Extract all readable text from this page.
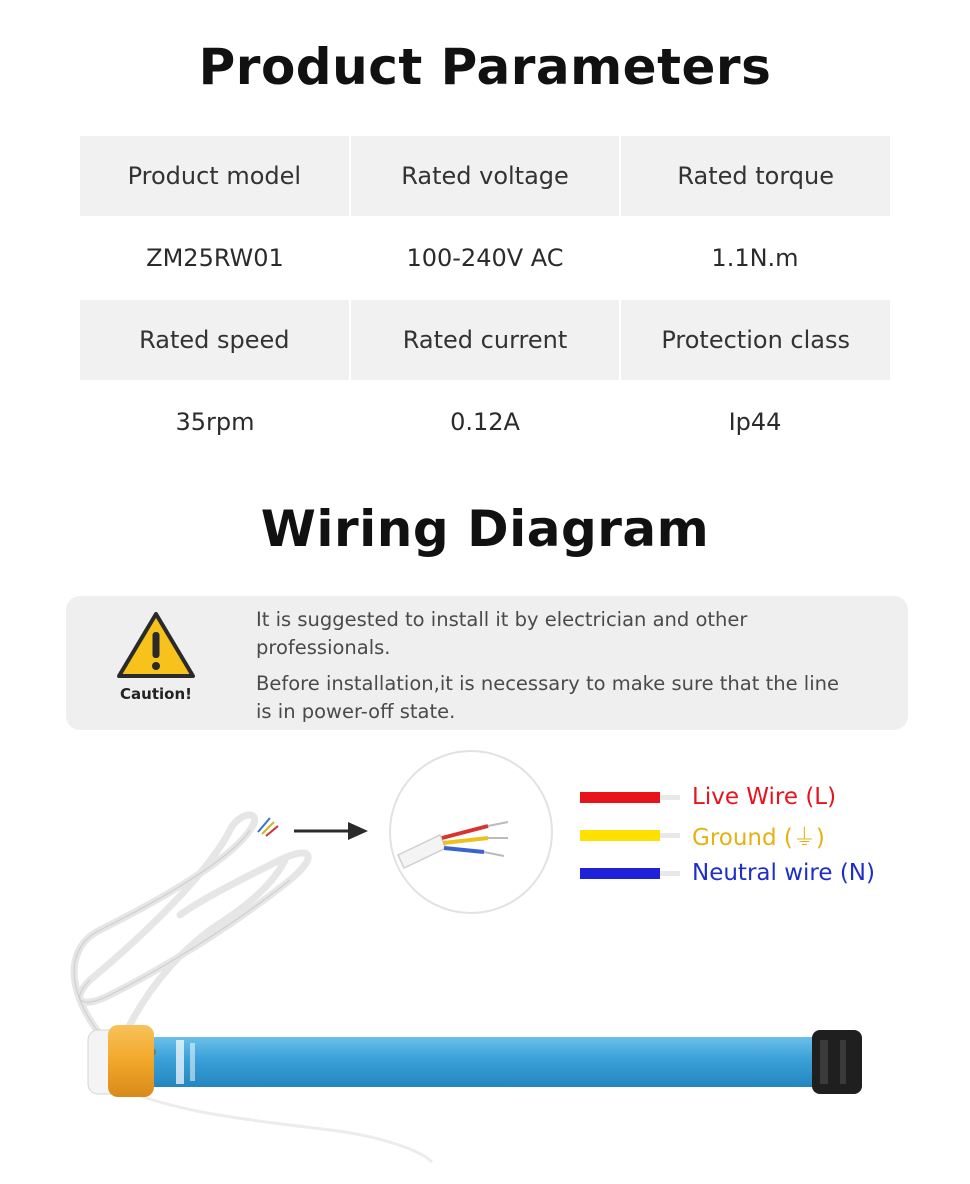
Product Parameters
Product model	Rated voltage	Rated torque
ZM25RW01	100-240V AC	1.1N.m
Rated speed	Rated current	Protection class
35rpm	0.12A	Ip44
Wiring Diagram
Caution!

It is suggested to install it by electrician and other professionals.

Before installation,it is necessary to make sure that the line

is in power-off state.

Live Wire (L)
Ground (⏚)
Neutral wire (N)
